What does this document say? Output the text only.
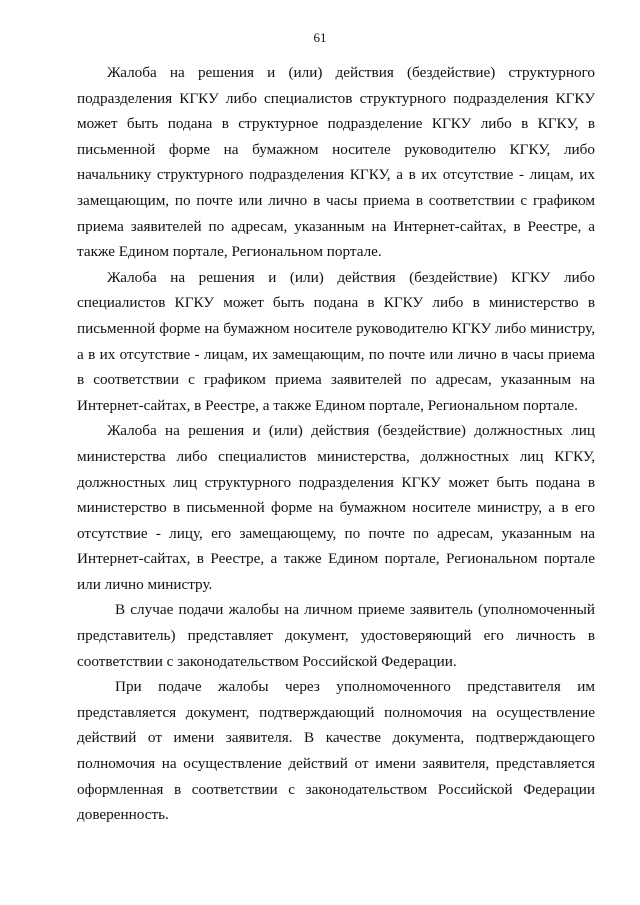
61

Жалоба на решения и (или) действия (бездействие) структурного подразделения КГКУ либо специалистов структурного подразделения КГКУ может быть подана в структурное подразделение КГКУ либо в КГКУ, в письменной форме на бумажном носителе руководителю КГКУ, либо начальнику структурного подразделения КГКУ, а в их отсутствие - лицам, их замещающим, по почте или лично в часы приема в соответствии с графиком приема заявителей по адресам, указанным на Интернет-сайтах, в Реестре, а также Едином портале, Региональном портале.

Жалоба на решения и (или) действия (бездействие) КГКУ либо специалистов КГКУ может быть подана в КГКУ либо в министерство в письменной форме на бумажном носителе руководителю КГКУ либо министру, а в их отсутствие - лицам, их замещающим, по почте или лично в часы приема в соответствии с графиком приема заявителей по адресам, указанным на Интернет-сайтах, в Реестре, а также Едином портале, Региональном портале.

Жалоба на решения и (или) действия (бездействие) должностных лиц министерства либо специалистов министерства, должностных лиц КГКУ, должностных лиц структурного подразделения КГКУ может быть подана в министерство в письменной форме на бумажном носителе министру, а в его отсутствие - лицу, его замещающему, по почте по адресам, указанным на Интернет-сайтах, в Реестре, а также Едином портале, Региональном портале или лично министру.

В случае подачи жалобы на личном приеме заявитель (уполномоченный представитель) представляет документ, удостоверяющий его личность в соответствии с законодательством Российской Федерации.

При подаче жалобы через уполномоченного представителя им представляется документ, подтверждающий полномочия на осуществление действий от имени заявителя. В качестве документа, подтверждающего полномочия на осуществление действий от имени заявителя, представляется оформленная в соответствии с законодательством Российской Федерации доверенность.
